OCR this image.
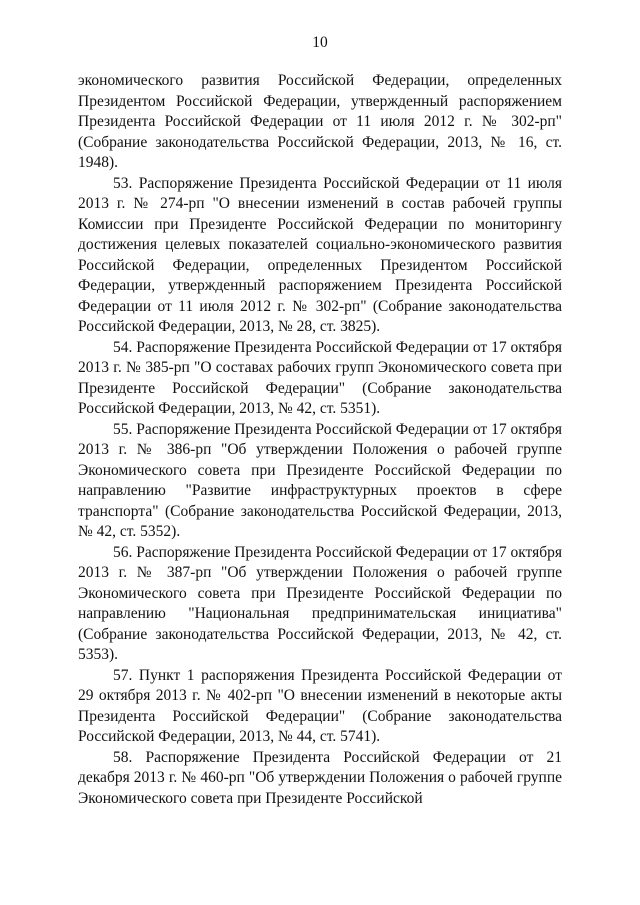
10

экономического развития Российской Федерации, определенных Президентом Российской Федерации, утвержденный распоряжением Президента Российской Федерации от 11 июля 2012 г. № 302-рп" (Собрание законодательства Российской Федерации, 2013, № 16, ст. 1948).

53. Распоряжение Президента Российской Федерации от 11 июля 2013 г. № 274-рп "О внесении изменений в состав рабочей группы Комиссии при Президенте Российской Федерации по мониторингу достижения целевых показателей социально-экономического развития Российской Федерации, определенных Президентом Российской Федерации, утвержденный распоряжением Президента Российской Федерации от 11 июля 2012 г. № 302-рп" (Собрание законодательства Российской Федерации, 2013, № 28, ст. 3825).

54. Распоряжение Президента Российской Федерации от 17 октября 2013 г. № 385-рп "О составах рабочих групп Экономического совета при Президенте Российской Федерации" (Собрание законодательства Российской Федерации, 2013, № 42, ст. 5351).

55. Распоряжение Президента Российской Федерации от 17 октября 2013 г. № 386-рп "Об утверждении Положения о рабочей группе Экономического совета при Президенте Российской Федерации по направлению "Развитие инфраструктурных проектов в сфере транспорта" (Собрание законодательства Российской Федерации, 2013, № 42, ст. 5352).

56. Распоряжение Президента Российской Федерации от 17 октября 2013 г. № 387-рп "Об утверждении Положения о рабочей группе Экономического совета при Президенте Российской Федерации по направлению "Национальная предпринимательская инициатива" (Собрание законодательства Российской Федерации, 2013, № 42, ст. 5353).

57. Пункт 1 распоряжения Президента Российской Федерации от 29 октября 2013 г. № 402-рп "О внесении изменений в некоторые акты Президента Российской Федерации" (Собрание законодательства Российской Федерации, 2013, № 44, ст. 5741).

58. Распоряжение Президента Российской Федерации от 21 декабря 2013 г. № 460-рп "Об утверждении Положения о рабочей группе Экономического совета при Президенте Российской
